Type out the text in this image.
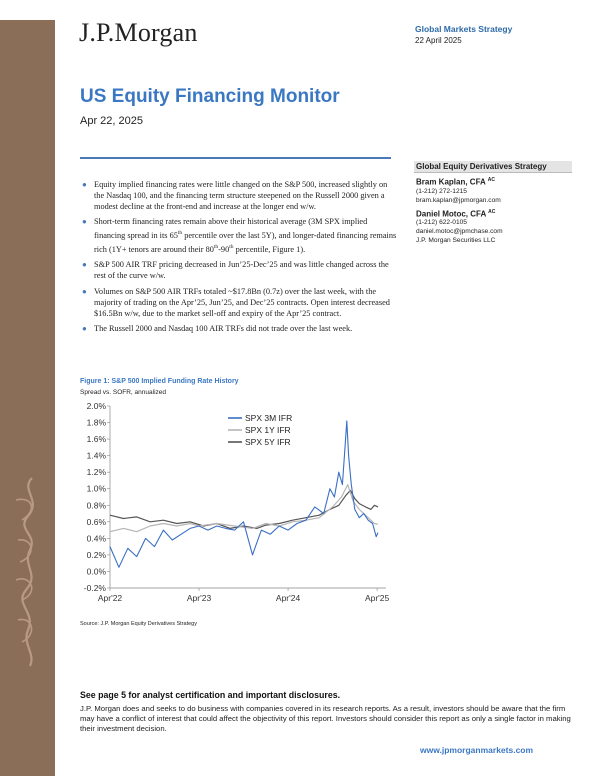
J.P.Morgan	Global Markets Strategy
22 April 2025
US Equity Financing Monitor
Apr 22, 2025
● Equity implied financing rates were little changed on the S&P 500, increased slightly on the Nasdaq 100, and the financing term structure steepened on the Russell 2000 given a modest decline at the front-end and increase at the longer end w/w.
● Short-term financing rates remain above their historical average (3M SPX implied financing spread in its 65th percentile over the last 5Y), and longer-dated financing remains rich (1Y+ tenors are around their 80th-90th percentile, Figure 1).
● S&P 500 AIR TRF pricing decreased in Jun’25-Dec’25 and was little changed across the rest of the curve w/w.
● Volumes on S&P 500 AIR TRFs totaled ~$17.8Bn (0.7z) over the last week, with the majority of trading on the Apr’25, Jun’25, and Dec’25 contracts. Open interest decreased $16.5Bn w/w, due to the market sell-off and expiry of the Apr’25 contract.
● The Russell 2000 and Nasdaq 100 AIR TRFs did not trade over the last week.
Global Equity Derivatives Strategy
Bram Kaplan, CFA $^{AC}$
(1-212) 272-1215
bram.kaplan@jpmorgan.com
Daniel Motoc, CFA $^{AC}$
(1-212) 622-0105
daniel.motoc@jpmchase.com
J.P. Morgan Securities LLC
Figure 1: S&P 500 Implied Funding Rate History
Spread vs. SOFR, annualized
2.0%
1.8%
1.6%
1.4%
1.2%
1.0%
0.8%
0.6%
0.4%
0.2%
0.0%
-0.2%
Apr'22	Apr'23	Apr'24	Apr'25
SPX 3M IFR
SPX 1Y IFR
SPX 5Y IFR
Source: J.P. Morgan Equity Derivatives Strategy
See page 5 for analyst certification and important disclosures.
J.P. Morgan does and seeks to do business with companies covered in its research reports. As a result, investors should be aware that the firm may have a conflict of interest that could affect the objectivity of this report. Investors should consider this report as only a single factor in making their investment decision.
www.jpmorganmarkets.com
